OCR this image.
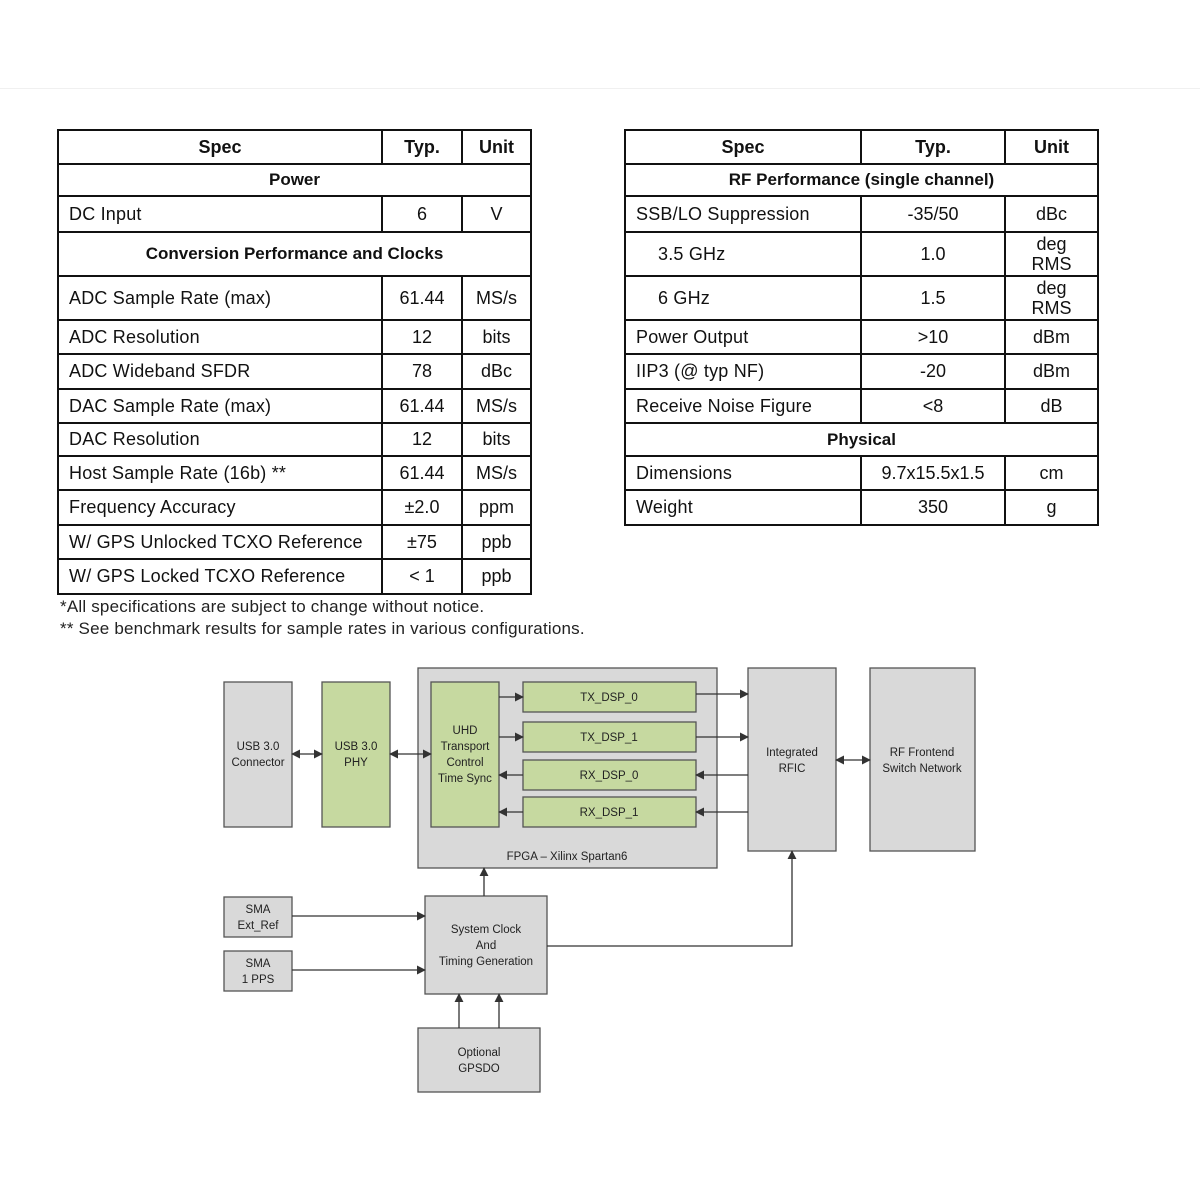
Spec	Typ.	Unit
Power		
DC Input	6	V
Conversion Performance and Clocks		
ADC Sample Rate (max)	61.44	MS/s
ADC Resolution	12	bits
ADC Wideband SFDR	78	dBc
DAC Sample Rate (max)	61.44	MS/s
DAC Resolution	12	bits
Host Sample Rate (16b) **	61.44	MS/s
Frequency Accuracy	±2.0	ppm
W/ GPS Unlocked TCXO Reference	±75	ppb
W/ GPS Locked TCXO Reference	< 1	ppb
Spec	Typ.	Unit
RF Performance (single channel)		
SSB/LO Suppression	-35/50	dBc
3.5 GHz	1.0	deg
RMS
6 GHz	1.5	deg
RMS
Power Output	>10	dBm
IIP3 (@ typ NF)	-20	dBm
Receive Noise Figure	<8	dB
Physical		
Dimensions	9.7x15.5x1.5	cm
Weight	350	g
*All specifications are subject to change without notice.
** See benchmark results for sample rates in various configurations.
FPGA – Xilinx Spartan6
USB 3.0 Connector
USB 3.0 PHY
UHD Transport Control Time Sync
TX_DSP_0
TX_DSP_1
RX_DSP_0
RX_DSP_1
Integrated RFIC
RF Frontend Switch Network
SMA Ext_Ref
SMA 1 PPS
System Clock And Timing Generation
Optional GPSDO
